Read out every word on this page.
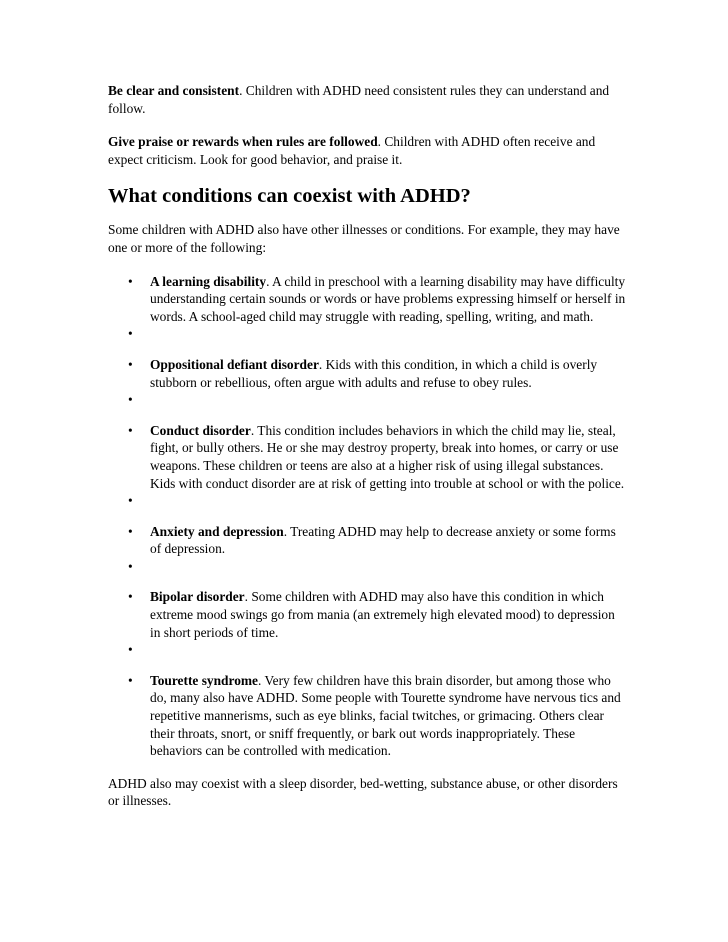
Be clear and consistent. Children with ADHD need consistent rules they can understand and follow.

Give praise or rewards when rules are followed. Children with ADHD often receive and expect criticism. Look for good behavior, and praise it.

What conditions can coexist with ADHD?

Some children with ADHD also have other illnesses or conditions. For example, they may have one or more of the following:

• A learning disability. A child in preschool with a learning disability may have difficulty understanding certain sounds or words or have problems expressing himself or herself in words. A school-aged child may struggle with reading, spelling, writing, and math.
•
• Oppositional defiant disorder. Kids with this condition, in which a child is overly stubborn or rebellious, often argue with adults and refuse to obey rules.
•
• Conduct disorder. This condition includes behaviors in which the child may lie, steal, fight, or bully others. He or she may destroy property, break into homes, or carry or use weapons. These children or teens are also at a higher risk of using illegal substances. Kids with conduct disorder are at risk of getting into trouble at school or with the police.
•
• Anxiety and depression. Treating ADHD may help to decrease anxiety or some forms of depression.
•
• Bipolar disorder. Some children with ADHD may also have this condition in which extreme mood swings go from mania (an extremely high elevated mood) to depression in short periods of time.
•
• Tourette syndrome. Very few children have this brain disorder, but among those who do, many also have ADHD. Some people with Tourette syndrome have nervous tics and repetitive mannerisms, such as eye blinks, facial twitches, or grimacing. Others clear their throats, snort, or sniff frequently, or bark out words inappropriately. These behaviors can be controlled with medication.

ADHD also may coexist with a sleep disorder, bed-wetting, substance abuse, or other disorders or illnesses.
